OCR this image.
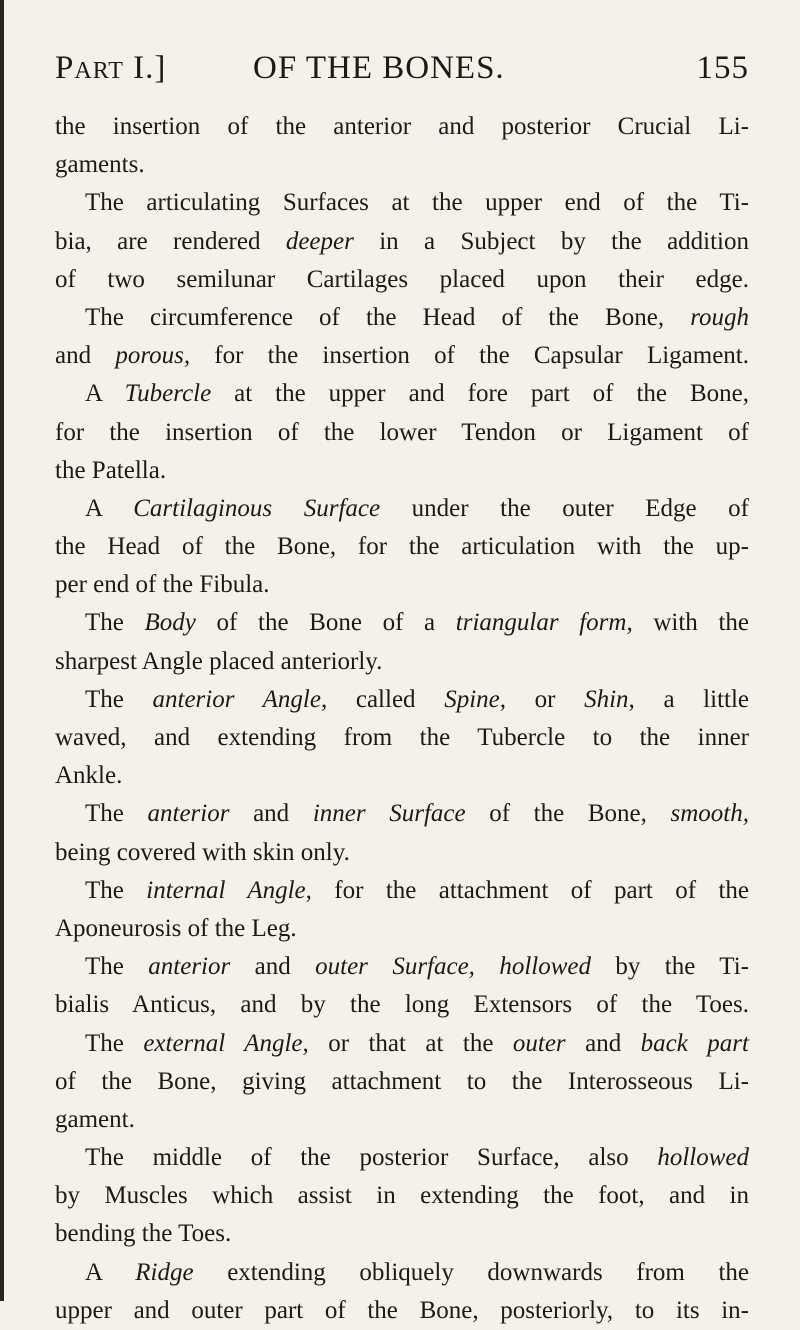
PART I.]	OF THE BONES.	155
the insertion of the anterior and posterior Crucial Li-
gaments.
The articulating Surfaces at the upper end of the Ti-
bia, are rendered deeper in a Subject by the addition
of two semilunar Cartilages placed upon their edge.
The circumference of the Head of the Bone, rough
and porous, for the insertion of the Capsular Ligament.
A Tubercle at the upper and fore part of the Bone,
for the insertion of the lower Tendon or Ligament of
the Patella.
A Cartilaginous Surface under the outer Edge of
the Head of the Bone, for the articulation with the up-
per end of the Fibula.
The Body of the Bone of a triangular form, with the
sharpest Angle placed anteriorly.
The anterior Angle, called Spine, or Shin, a little
waved, and extending from the Tubercle to the inner
Ankle.
The anterior and inner Surface of the Bone, smooth,
being covered with skin only.
The internal Angle, for the attachment of part of the
Aponeurosis of the Leg.
The anterior and outer Surface, hollowed by the Ti-
bialis Anticus, and by the long Extensors of the Toes.
The external Angle, or that at the outer and back part
of the Bone, giving attachment to the Interosseous Li-
gament.
The middle of the posterior Surface, also hollowed
by Muscles which assist in extending the foot, and in
bending the Toes.
A Ridge extending obliquely downwards from the
upper and outer part of the Bone, posteriorly, to its in-
